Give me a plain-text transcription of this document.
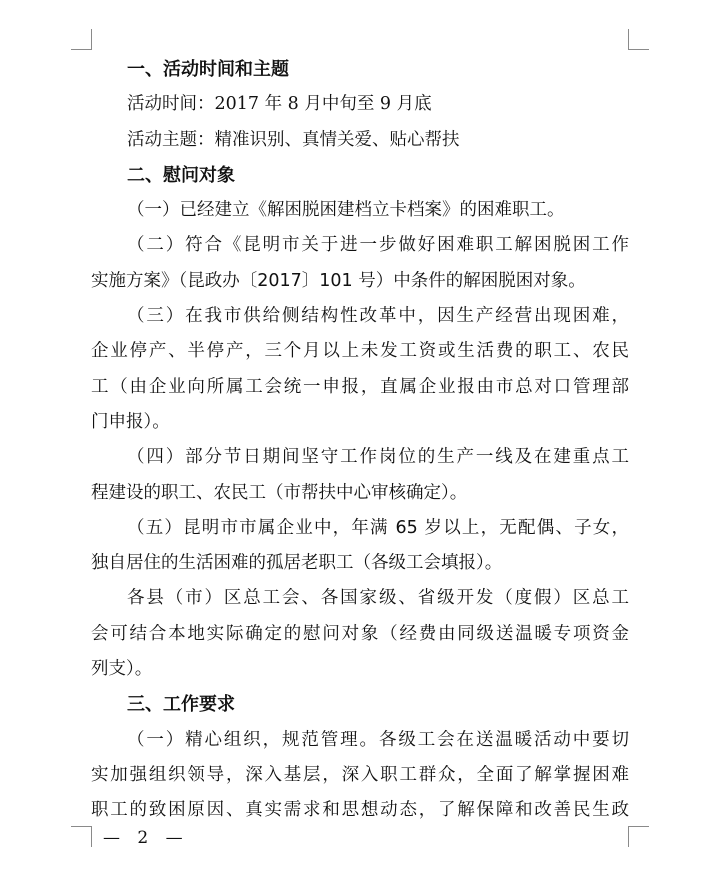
一、活动时间和主题
活动时间：2017 年 8 月中旬至 9 月底
活动主题：精准识别、真情关爱、贴心帮扶
二、慰问对象
（一）已经建立《解困脱困建档立卡档案》的困难职工。
（二）符合《昆明市关于进一步做好困难职工解困脱困工作
实施方案》（昆政办〔2017〕101 号）中条件的解困脱困对象。
（三）在我市供给侧结构性改革中，因生产经营出现困难，
企业停产、半停产，三个月以上未发工资或生活费的职工、农民
工（由企业向所属工会统一申报，直属企业报由市总对口管理部
门申报）。
（四）部分节日期间坚守工作岗位的生产一线及在建重点工
程建设的职工、农民工（市帮扶中心审核确定）。
（五）昆明市市属企业中，年满 65 岁以上，无配偶、子女，
独自居住的生活困难的孤居老职工（各级工会填报）。
各县（市）区总工会、各国家级、省级开发（度假）区总工
会可结合本地实际确定的慰问对象（经费由同级送温暖专项资金
列支）。
三、工作要求
（一）精心组织，规范管理。各级工会在送温暖活动中要切
实加强组织领导，深入基层，深入职工群众，全面了解掌握困难
职工的致困原因、真实需求和思想动态，了解保障和改善民生政
— 2 —
